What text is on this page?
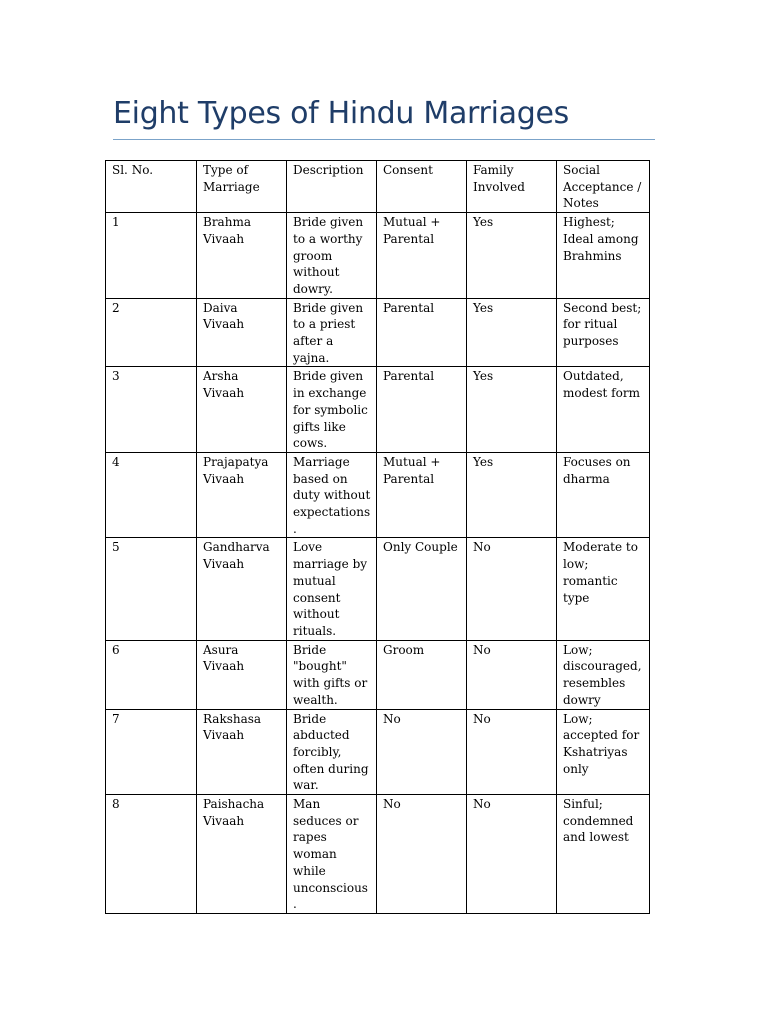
Eight Types of Hindu Marriages
Sl. No.	Type of Marriage	Description	Consent	Family Involved	Social Acceptance / Notes
1	Brahma Vivaah	Bride given to a worthy groom without dowry.	Mutual + Parental	Yes	Highest; Ideal among Brahmins
2	Daiva Vivaah	Bride given to a priest after a yajna.	Parental	Yes	Second best; for ritual purposes
3	Arsha Vivaah	Bride given in exchange for symbolic gifts like cows.	Parental	Yes	Outdated, modest form
4	Prajapatya Vivaah	Marriage based on duty without expectations.	Mutual + Parental	Yes	Focuses on dharma
5	Gandharva Vivaah	Love marriage by mutual consent without rituals.	Only Couple	No	Moderate to low; romantic type
6	Asura Vivaah	Bride "bought" with gifts or wealth.	Groom	No	Low; discouraged, resembles dowry
7	Rakshasa Vivaah	Bride abducted forcibly, often during war.	No	No	Low; accepted for Kshatriyas only
8	Paishacha Vivaah	Man seduces or rapes woman while unconscious.	No	No	Sinful; condemned and lowest
